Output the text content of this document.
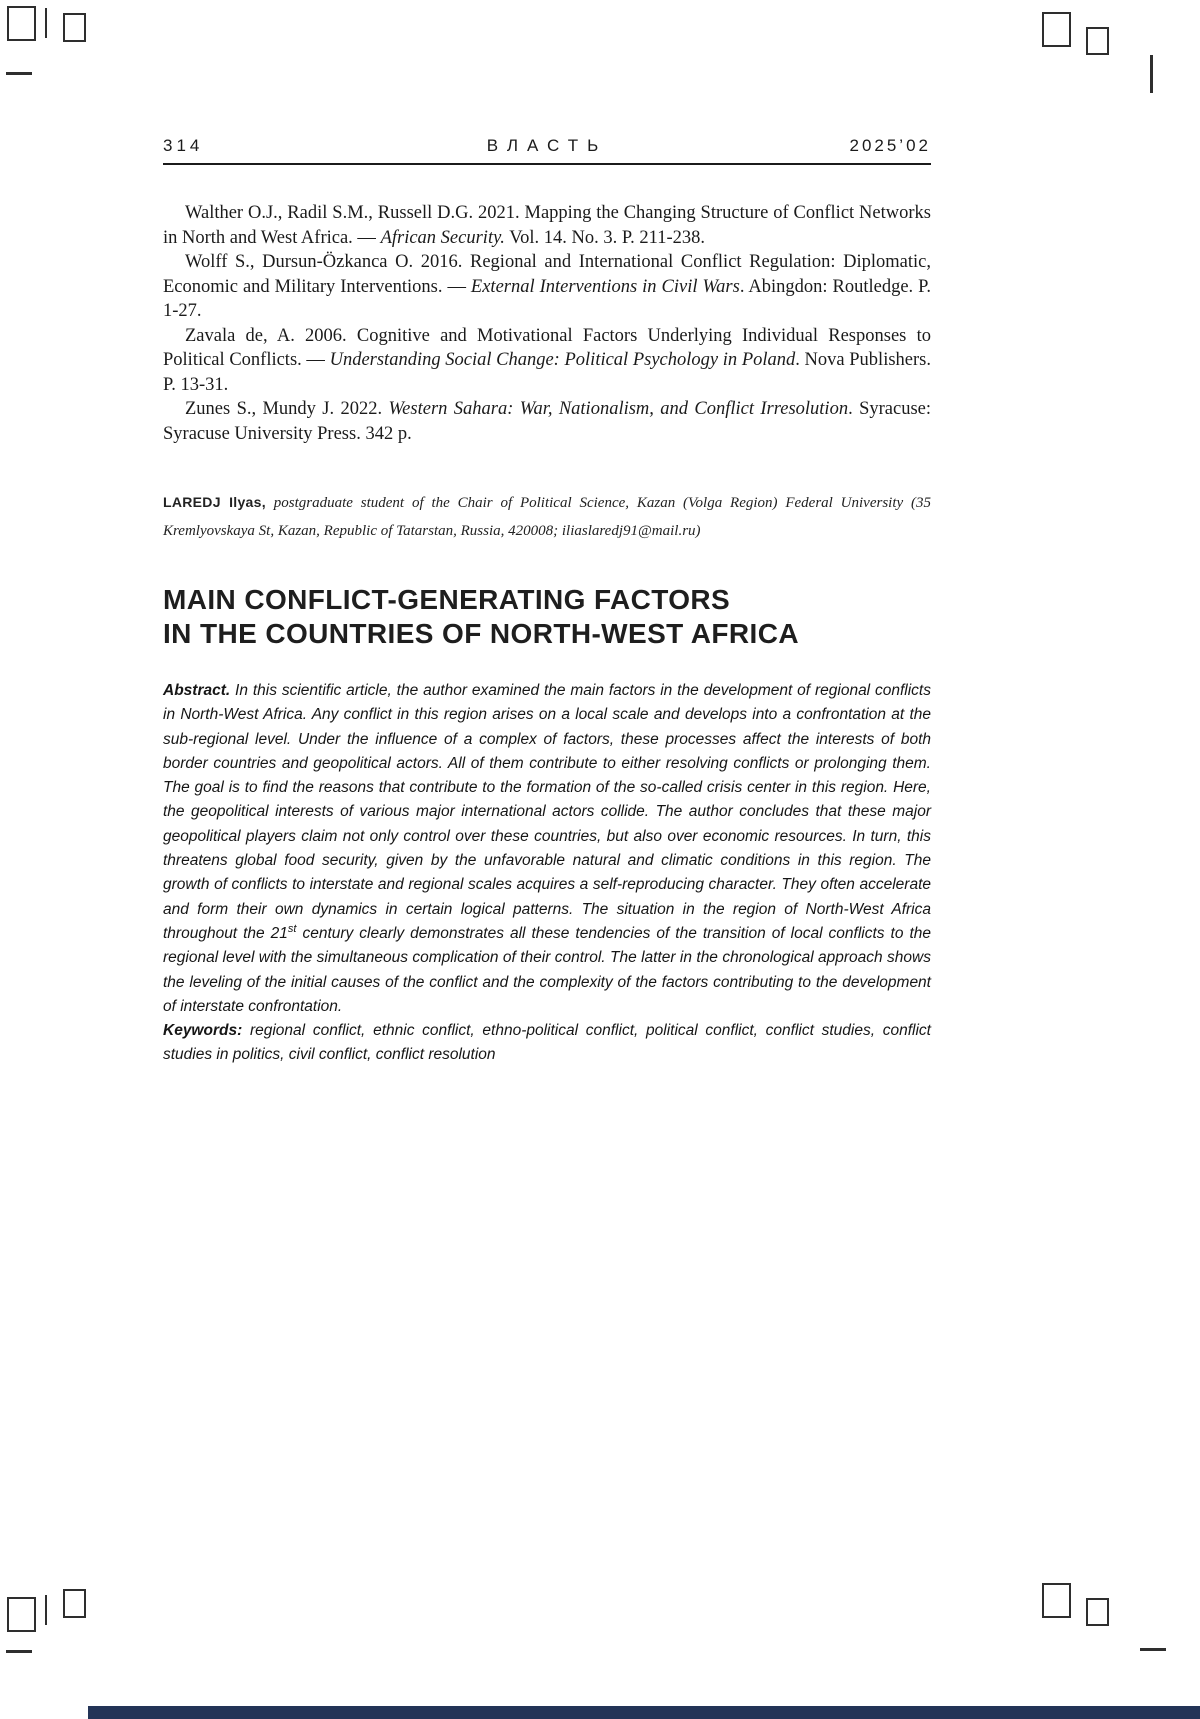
314	ВЛАСТЬ	2025’02

Walther O.J., Radil S.M., Russell D.G. 2021. Mapping the Changing Structure of Conflict Networks in North and West Africa. — African Security. Vol. 14. No. 3. P. 211-238.

Wolff S., Dursun-Özkanca O. 2016. Regional and International Conflict Regulation: Diplomatic, Economic and Military Interventions. — External Interventions in Civil Wars. Abingdon: Routledge. P. 1-27.

Zavala de, A. 2006. Cognitive and Motivational Factors Underlying Individual Responses to Political Conflicts. — Understanding Social Change: Political Psychology in Poland. Nova Publishers. P. 13-31.

Zunes S., Mundy J. 2022. Western Sahara: War, Nationalism, and Conflict Irresolution. Syracuse: Syracuse University Press. 342 p.

LAREDJ Ilyas, postgraduate student of the Chair of Political Science, Kazan (Volga Region) Federal University (35 Kremlyovskaya St, Kazan, Republic of Tatarstan, Russia, 420008; iliaslaredj91@mail.ru)

MAIN CONFLICT-GENERATING FACTORS
IN THE COUNTRIES OF NORTH-WEST AFRICA

Abstract. In this scientific article, the author examined the main factors in the development of regional conflicts in North-West Africa. Any conflict in this region arises on a local scale and develops into a confrontation at the sub-regional level. Under the influence of a complex of factors, these processes affect the interests of both border countries and geopolitical actors. All of them contribute to either resolving conflicts or prolonging them. The goal is to find the reasons that contribute to the formation of the so-called crisis center in this region. Here, the geopolitical interests of various major international actors collide. The author concludes that these major geopolitical players claim not only control over these countries, but also over economic resources. In turn, this threatens global food security, given by the unfavorable natural and climatic conditions in this region. The growth of conflicts to interstate and regional scales acquires a self-reproducing character. They often accelerate and form their own dynamics in certain logical patterns. The situation in the region of North-West Africa throughout the 21st century clearly demonstrates all these tendencies of the transition of local conflicts to the regional level with the simultaneous complication of their control. The latter in the chronological approach shows the leveling of the initial causes of the conflict and the complexity of the factors contributing to the development of interstate confrontation.

Keywords: regional conflict, ethnic conflict, ethno-political conflict, political conflict, conflict studies, conflict studies in politics, civil conflict, conflict resolution
